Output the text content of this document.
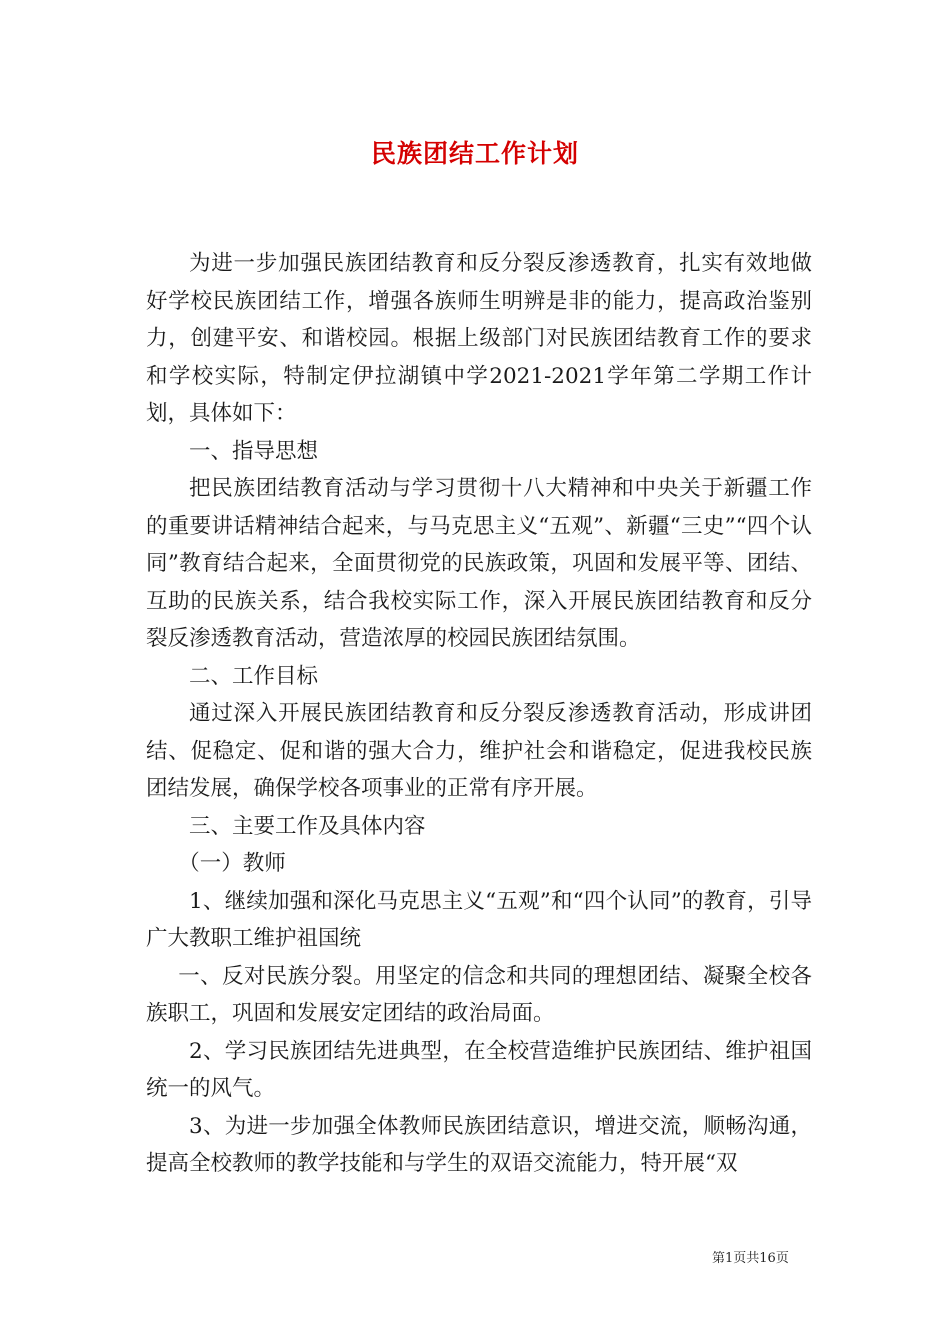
民族团结工作计划

为进一步加强民族团结教育和反分裂反渗透教育，扎实有效地做好学校民族团结工作，增强各族师生明辨是非的能力，提高政治鉴别力，创建平安、和谐校园。根据上级部门对民族团结教育工作的要求和学校实际，特制定伊拉湖镇中学2021-2021学年第二学期工作计划，具体如下：

一、指导思想

把民族团结教育活动与学习贯彻十八大精神和中央关于新疆工作的重要讲话精神结合起来，与马克思主义“五观”、新疆“三史”“四个认同”教育结合起来，全面贯彻党的民族政策，巩固和发展平等、团结、互助的民族关系，结合我校实际工作，深入开展民族团结教育和反分裂反渗透教育活动，营造浓厚的校园民族团结氛围。

二、工作目标

通过深入开展民族团结教育和反分裂反渗透教育活动，形成讲团结、促稳定、促和谐的强大合力，维护社会和谐稳定，促进我校民族团结发展，确保学校各项事业的正常有序开展。

三、主要工作及具体内容

（一）教师

1、继续加强和深化马克思主义“五观”和“四个认同”的教育，引导广大教职工维护祖国统

一、反对民族分裂。用坚定的信念和共同的理想团结、凝聚全校各族职工，巩固和发展安定团结的政治局面。

2、学习民族团结先进典型，在全校营造维护民族团结、维护祖国统一的风气。

3、为进一步加强全体教师民族团结意识，增进交流，顺畅沟通，提高全校教师的教学技能和与学生的双语交流能力，特开展“双

第1页共16页
